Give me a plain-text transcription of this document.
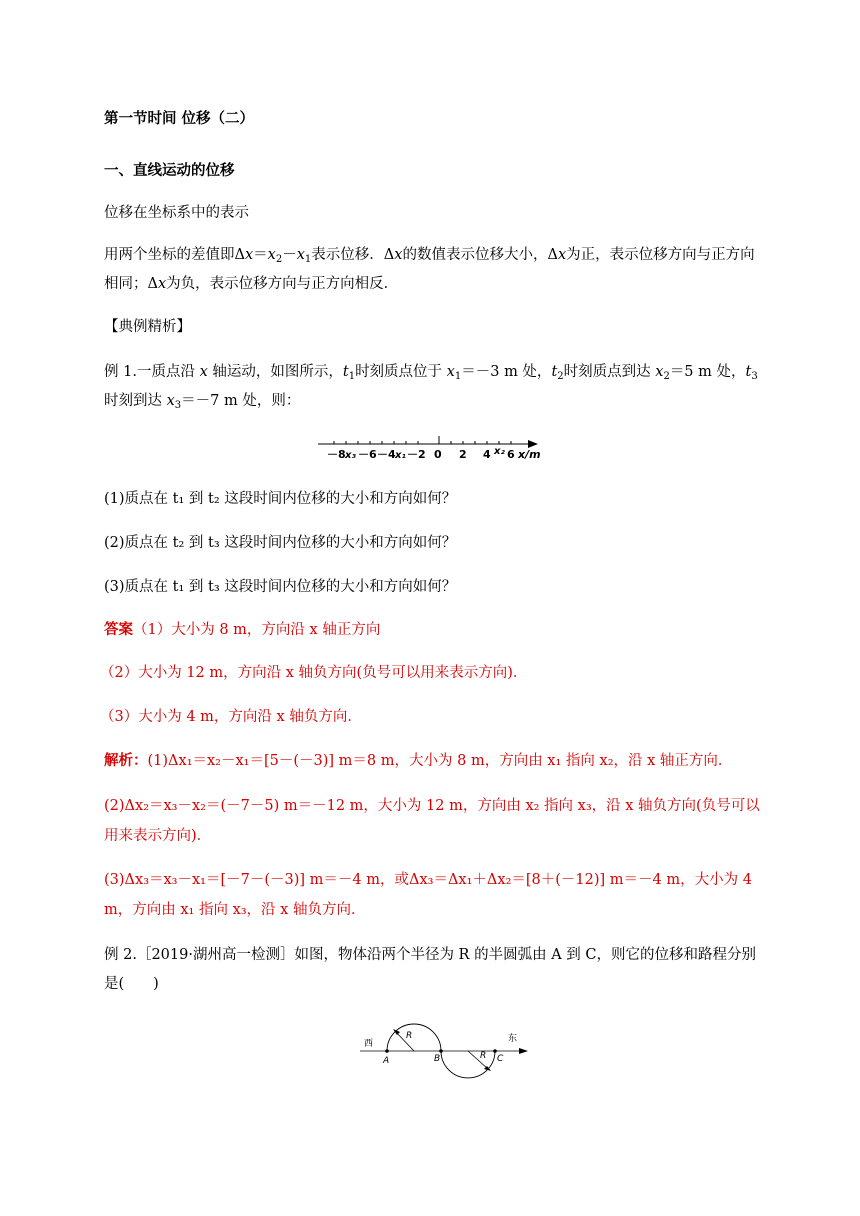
第一节时间 位移（二）
一、直线运动的位移
位移在坐标系中的表示
用两个坐标的差值即$\Delta x=x_2-x_1$表示位移．Δx的数值表示位移大小，Δx为正，表示位移方向与正方向相同；Δx为负，表示位移方向与正方向相反．
【典例精析】
例 1.一质点沿 x 轴运动，如图所示，$t_1$时刻质点位于 $x_1=-3$ m 处，$t_2$时刻质点到达 $x_2=5$ m 处，$t_3$时刻到达 $x_3=-7$ m 处，则：
－8 x₃ －6 －4 x₁ －2 0 2 4 x₂ 6 x/m
(1)质点在 t₁ 到 t₂ 这段时间内位移的大小和方向如何？
(2)质点在 t₂ 到 t₃ 这段时间内位移的大小和方向如何？
(3)质点在 t₁ 到 t₃ 这段时间内位移的大小和方向如何？
答案（1）大小为 8 m，方向沿 x 轴正方向
（2）大小为 12 m，方向沿 x 轴负方向(负号可以用来表示方向)．
（3）大小为 4 m，方向沿 x 轴负方向．
解析：(1)Δx₁＝x₂－x₁＝[5－(－3)] m＝8 m，大小为 8 m，方向由 x₁ 指向 x₂，沿 x 轴正方向．
(2)Δx₂＝x₃－x₂＝(－7－5) m＝－12 m，大小为 12 m，方向由 x₂ 指向 x₃，沿 x 轴负方向(负号可以用来表示方向)．
(3)Δx₃＝x₃－x₁＝[－7－(－3)] m＝－4 m，或Δx₃＝Δx₁＋Δx₂＝[8＋(－12)] m＝－4 m，大小为 4 m，方向由 x₁ 指向 x₃，沿 x 轴负方向．
例 2.［2019·湖州高一检测］如图，物体沿两个半径为 R 的半圆弧由 A 到 C，则它的位移和路程分别是(　　)
西	东
A	B	C
R
R
